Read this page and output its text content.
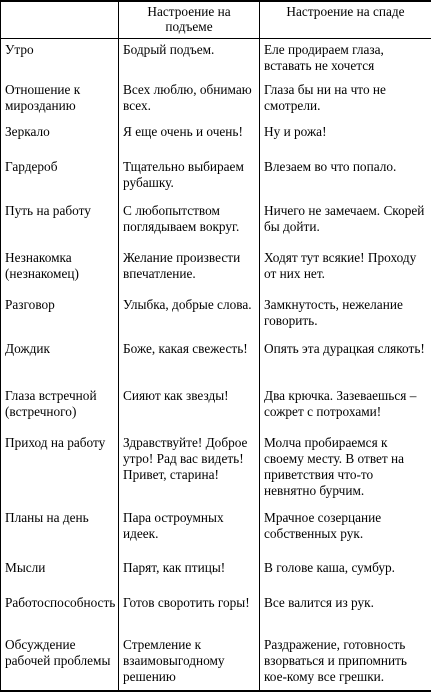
	Настроение на подъеме	Настроение на спаде
Утро	Бодрый подъем.	Еле продираем глаза, вставать не хочется
Отношение к мирозданию	Всех люблю, обнимаю всех.	Глаза бы ни на что не смотрели.
Зеркало	Я еще очень и очень!	Ну и рожа!
Гардероб	Тщательно выбираем рубашку.	Влезаем во что попало.
Путь на работу	С любопытством поглядываем вокруг.	Ничего не замечаем. Скорей бы дойти.
Незнакомка (незнакомец)	Желание произвести впечатление.	Ходят тут всякие! Проходу от них нет.
Разговор	Улыбка, добрые слова.	Замкнутость, нежелание говорить.
Дождик	Боже, какая свежесть!	Опять эта дурацкая слякоть!
Глаза встречной (встречного)	Сияют как звезды!	Два крючка. Зазеваешься – сожрет с потрохами!
Приход на работу	Здравствуйте! Доброе утро! Рад вас видеть! Привет, старина!	Молча пробираемся к своему месту. В ответ на приветствия что-то невнятно бурчим.
Планы на день	Пара остроумных идеек.	Мрачное созерцание собственных рук.
Мысли	Парят, как птицы!	В голове каша, сумбур.
Работоспособность	Готов своротить горы!	Все валится из рук.
Обсуждение рабочей проблемы	Стремление к взаимовыгодному решению	Раздражение, готовность взорваться и припомнить кое-кому все грешки.
